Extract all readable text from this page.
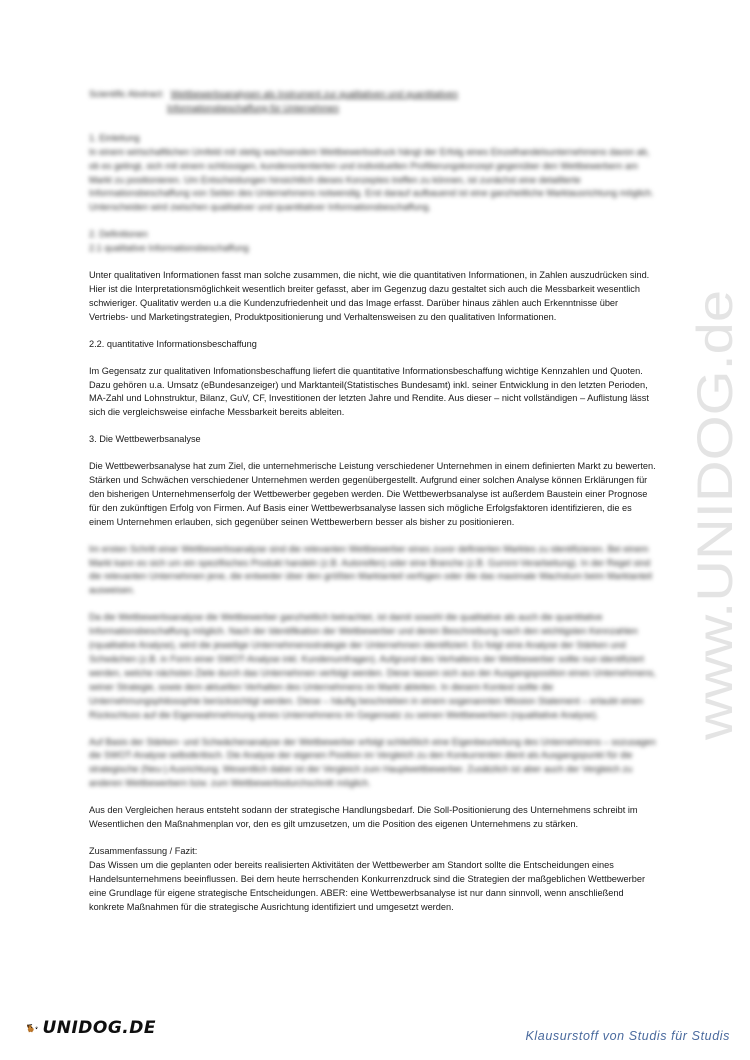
Scientific Abstract: Wettbewerbsanalysen als Instrument zur qualitativen und quantitativen
Informationsbeschaffung für Unternehmen
1. Einleitung

In einem wirtschaftlichen Umfeld mit stetig wachsendem Wettbewerbsdruck hängt der Erfolg eines Einzelhandelsunternehmens davon ab, ob es gelingt, sich mit einem schlüssigen, kundenorientierten und individuellen Profilierungskonzept gegenüber den Wettbewerbern am Markt zu positionieren. Um Entscheidungen hinsichtlich dieses Konzeptes treffen zu können, ist zunächst eine detaillierte Informationsbeschaffung von Seiten des Unternehmens notwendig. Erst darauf aufbauend ist eine ganzheitliche Marktausrichtung möglich. Unterscheiden wird zwischen qualitativer und quantitativer Informationsbeschaffung.

2. Definitionen

2.1 qualitative Informationsbeschaffung

Unter qualitativen Informationen fasst man solche zusammen, die nicht, wie die quantitativen Informationen, in Zahlen auszudrücken sind. Hier ist die Interpretationsmöglichkeit wesentlich breiter gefasst, aber im Gegenzug dazu gestaltet sich auch die Messbarkeit wesentlich schwieriger. Qualitativ werden u.a die Kundenzufriedenheit und das Image erfasst. Darüber hinaus zählen auch Erkenntnisse über Vertriebs- und Marketingstrategien, Produktpositionierung und Verhaltensweisen zu den qualitativen Informationen.

2.2. quantitative Informationsbeschaffung

Im Gegensatz zur qualitativen Infomationsbeschaffung liefert die quantitative Informationsbeschaffung wichtige Kennzahlen und Quoten. Dazu gehören u.a. Umsatz (eBundesanzeiger) und Marktanteil(Statistisches Bundesamt) inkl. seiner Entwicklung in den letzten Perioden, MA-Zahl und Lohnstruktur, Bilanz, GuV, CF, Investitionen der letzten Jahre und Rendite. Aus dieser – nicht vollständigen – Auflistung lässt sich die vergleichsweise einfache Messbarkeit bereits ableiten.

3. Die Wettbewerbsanalyse

Die Wettbewerbsanalyse hat zum Ziel, die unternehmerische Leistung verschiedener Unternehmen in einem definierten Markt zu bewerten. Stärken und Schwächen verschiedener Unternehmen werden gegenübergestellt. Aufgrund einer solchen Analyse können Erklärungen für den bisherigen Unternehmenserfolg der Wettbewerber gegeben werden. Die Wettbewerbsanalyse ist außerdem Baustein einer Prognose für den zukünftigen Erfolg von Firmen. Auf Basis einer Wettbewerbsanalyse lassen sich mögliche Erfolgsfaktoren identifizieren, die es einem Unternehmen erlauben, sich gegenüber seinen Wettbewerbern besser als bisher zu positionieren.

Im ersten Schritt einer Wettbewerbsanalyse sind die relevanten Wettbewerber eines zuvor definierten Marktes zu identifizieren. Bei einem Markt kann es sich um ein spezifisches Produkt handeln (z.B. Autoreifen) oder eine Branche (z.B. Gummi-Verarbeitung). In der Regel sind die relevanten Unternehmen jene, die entweder über den größten Marktanteil verfügen oder die das maximale Wachstum beim Marktanteil ausweisen.

Da die Wettbewerbsanalyse die Wettbewerber ganzheitlich betrachtet, ist damit sowohl die qualitative als auch die quantitative Informationsbeschaffung möglich. Nach der Identifikation der Wettbewerber und deren Beschreibung nach den wichtigsten Kennzahlen (rqualitative Analyse), wird die jeweilige Unternehmensstrategie der Unternehmen identifiziert. Es folgt eine Analyse der Stärken und Schwächen (z.B. in Form einer SWOT-Analyse inkl. Kundenumfragen). Aufgrund des Verhaltens der Wettbewerber sollte nun identifiziert werden, welche nächsten Ziele durch das Unternehmen verfolgt werden. Diese lassen sich aus der Ausgangsposition eines Unternehmens, seiner Strategie, sowie dem aktuellen Verhalten des Unternehmens im Markt ableiten. In diesem Kontext sollte die Unternehmungsphilosophie berücksichtigt werden. Diese – häufig beschrieben in einem sogenannten Mission Statement – erlaubt einen Rückschluss auf die Eigenwahrnehmung eines Unternehmens im Gegensatz zu seinen Wettbewerbern (rqualitative Analyse).

Auf Basis der Stärken- und Schwächenanalyse der Wettbewerber erfolgt schließlich eine Eigenbeurteilung des Unternehmens – sozusagen die SWOT-Analyse selbstkritisch. Die Analyse der eigenen Position im Vergleich zu den Konkurrenten dient als Ausgangspunkt für die strategische (Neu-) Ausrichtung. Wesentlich dabei ist der Vergleich zum Hauptwettbewerber. Zusätzlich ist aber auch der Vergleich zu anderen Wettbewerbern bzw. zum Wettbewerbsdurchschnitt möglich.

Aus den Vergleichen heraus entsteht sodann der strategische Handlungsbedarf. Die Soll-Positionierung des Unternehmens schreibt im Wesentlichen den Maßnahmenplan vor, den es gilt umzusetzen, um die Position des eigenen Unternehmens zu stärken.

Zusammenfassung / Fazit:

Das Wissen um die geplanten oder bereits realisierten Aktivitäten der Wettbewerber am Standort sollte die Entscheidungen eines Handelsunternehmens beeinflussen. Bei dem heute herrschenden Konkurrenzdruck sind die Strategien der maßgeblichen Wettbewerber eine Grundlage für eigene strategische Entscheidungen. ABER: eine Wettbewerbsanalyse ist nur dann sinnvoll, wenn anschließend konkrete Maßnahmen für die strategische Ausrichtung identifiziert und umgesetzt werden.

www.UNIDOG.de
UNIDOG.DE	Klausurstoff von Studis für Studis
